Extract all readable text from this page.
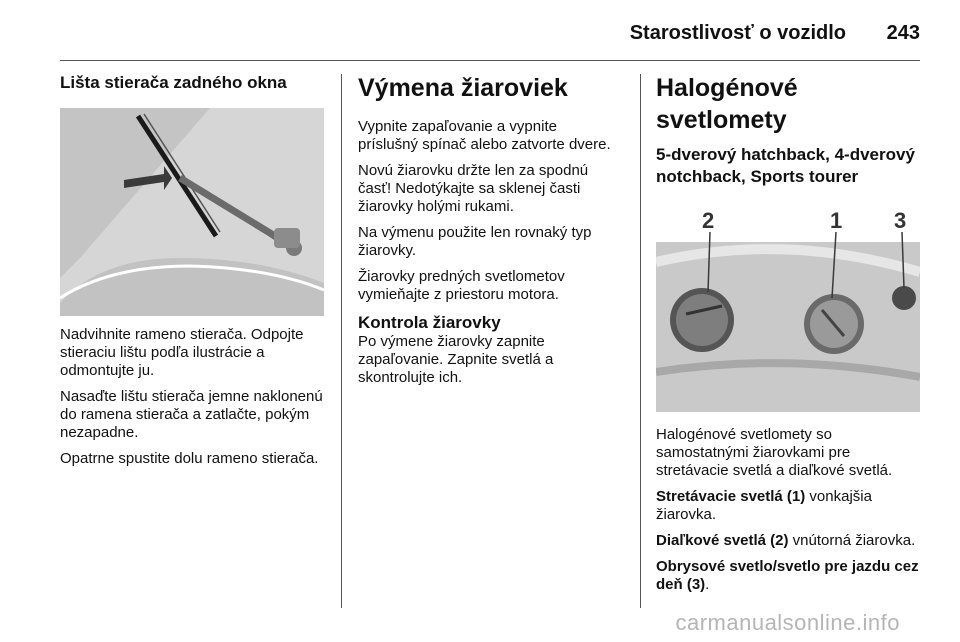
Starostlivosť o vozidlo 243
Lišta stierača zadného okna

Nadvihnite rameno stierača. Odpojte stieraciu lištu podľa ilustrácie a odmontujte ju.

Nasaďte lištu stierača jemne naklonenú do ramena stierača a zatlačte, pokým nezapadne.

Opatrne spustite dolu rameno stierača.

Výmena žiaroviek

Vypnite zapaľovanie a vypnite príslušný spínač alebo zatvorte dvere.

Novú žiarovku držte len za spodnú časť! Nedotýkajte sa sklenej časti žiarovky holými rukami.

Na výmenu použite len rovnaký typ žiarovky.

Žiarovky predných svetlometov vymieňajte z priestoru motora.

Kontrola žiarovky

Po výmene žiarovky zapnite zapaľovanie. Zapnite svetlá a skontrolujte ich.

Halogénové svetlomety
5-dverový hatchback, 4-dverový notchback, Sports tourer
2	1 3

Halogénové svetlomety so samostatnými žiarovkami pre stretávacie svetlá a diaľkové svetlá.

Stretávacie svetlá (1) vonkajšia žiarovka.

Diaľkové svetlá (2) vnútorná žiarovka.

Obrysové svetlo/svetlo pre jazdu cez deň (3).

carmanualsonline.info
